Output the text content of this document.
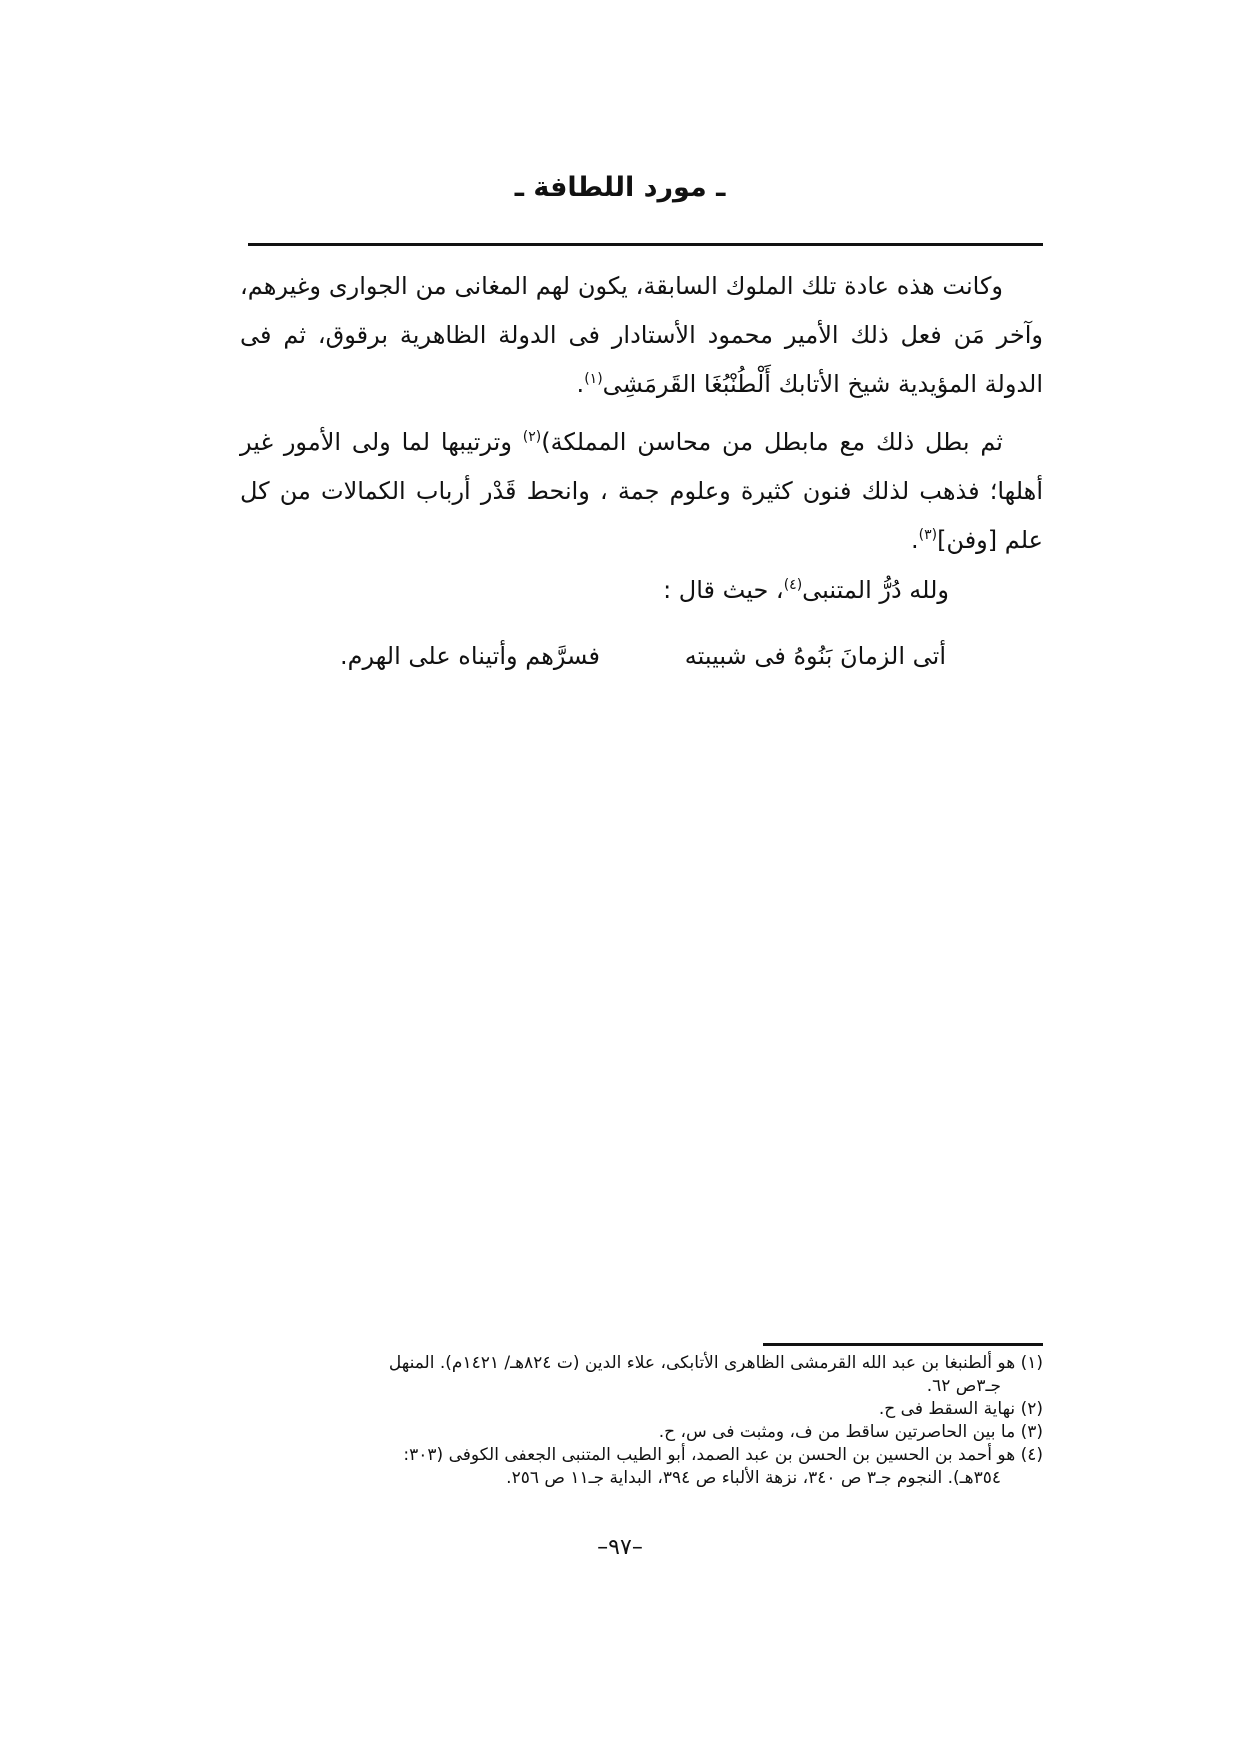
ـ مورد اللطافة ـ

وكانت هذه عادة تلك الملوك السابقة، يكون لهم المغانى من الجوارى وغيرهم، وآخر مَن فعل ذلك الأمير محمود الأستادار فى الدولة الظاهرية برقوق، ثم فى الدولة المؤيدية شيخ الأتابك أَلْطُنْبُغَا القَرمَشِى$^{(١)}$.

ثم بطل ذلك مع مابطل من محاسن المملكة)$^{(٢)}$ وترتيبها لما ولى الأمور غير أهلها؛ فذهب لذلك فنون كثيرة وعلوم جمة ، وانحط قَدْر أرباب الكمالات من كل علم [وفن]$^{(٣)}$.

ولله دُرُّ المتنبى$^{(٤)}$، حيث قال :
أتى الزمانَ بَنُوهُ فى شبيبته
فسرَّهم وأتيناه على الهرم.

(١) هو ألطنبغا بن عبد الله القرمشى الظاهرى الأتابكى، علاء الدين (ت ٨٢٤هـ/ ١٤٢١م). المنهل

جـ٣ص ٦٢.

(٢) نهاية السقط فى ح.

(٣) ما بين الحاصرتين ساقط من ف، ومثبت فى س، ح.

(٤) هو أحمد بن الحسين بن الحسن بن عبد الصمد، أبو الطيب المتنبى الجعفى الكوفى (٣٠٣:

٣٥٤هـ). النجوم جـ٣ ص ٣٤٠، نزهة الألباء ص ٣٩٤، البداية جـ١١ ص ٢٥٦.

–٩٧–
